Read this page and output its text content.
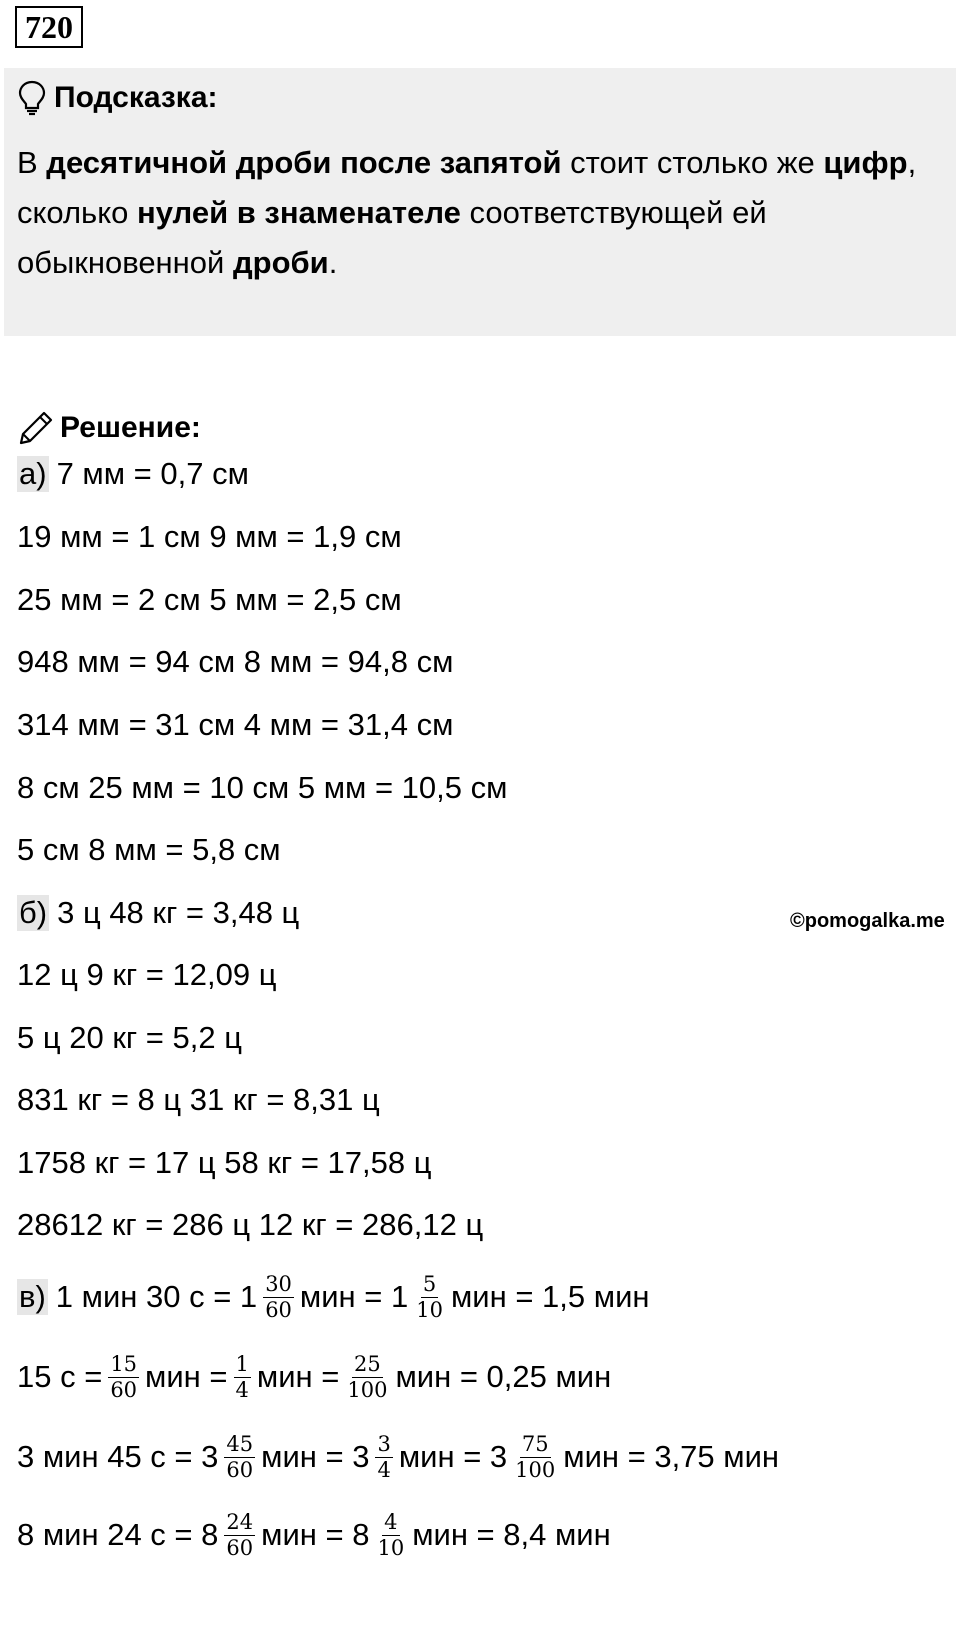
720
Подсказка:
В десятичной дроби после запятой стоит столько же цифр,
сколько нулей в знаменателе соответствующей ей
обыкновенной дроби.
Решение:
а) 7 мм = 0,7 см
19 мм = 1 см 9 мм = 1,9 см
25 мм = 2 см 5 мм = 2,5 см
948 мм = 94 см 8 мм = 94,8 см
314 мм = 31 см 4 мм = 31,4 см
8 см 25 мм = 10 см 5 мм = 10,5 см
5 см 8 мм = 5,8 см
©pomogalka.me
б) 3 ц 48 кг = 3,48 ц
12 ц 9 кг = 12,09 ц
5 ц 20 кг = 5,2 ц
831 кг = 8 ц 31 кг = 8,31 ц
1758 кг = 17 ц 58 кг = 17,58 ц
28612 кг = 286 ц 12 кг = 286,12 ц
в) 1 мин 30 $с = 1 \frac{30}{60}$ мин = $1 \frac{5}{10}$ мин = 1,5 мин
15 $с = \frac{15}{60}$ мин = $\frac{1}{4}$ мин = $\frac{25}{100}$ мин = 0,25 мин
3 мин 45 $с = 3 \frac{45}{60}$ мин = $3 \frac{3}{4}$ мин = $3 \frac{75}{100}$ мин = 3,75 мин
8 мин 24 $с = 8 \frac{24}{60}$ мин = $8 \frac{4}{10}$ мин = 8,4 мин
